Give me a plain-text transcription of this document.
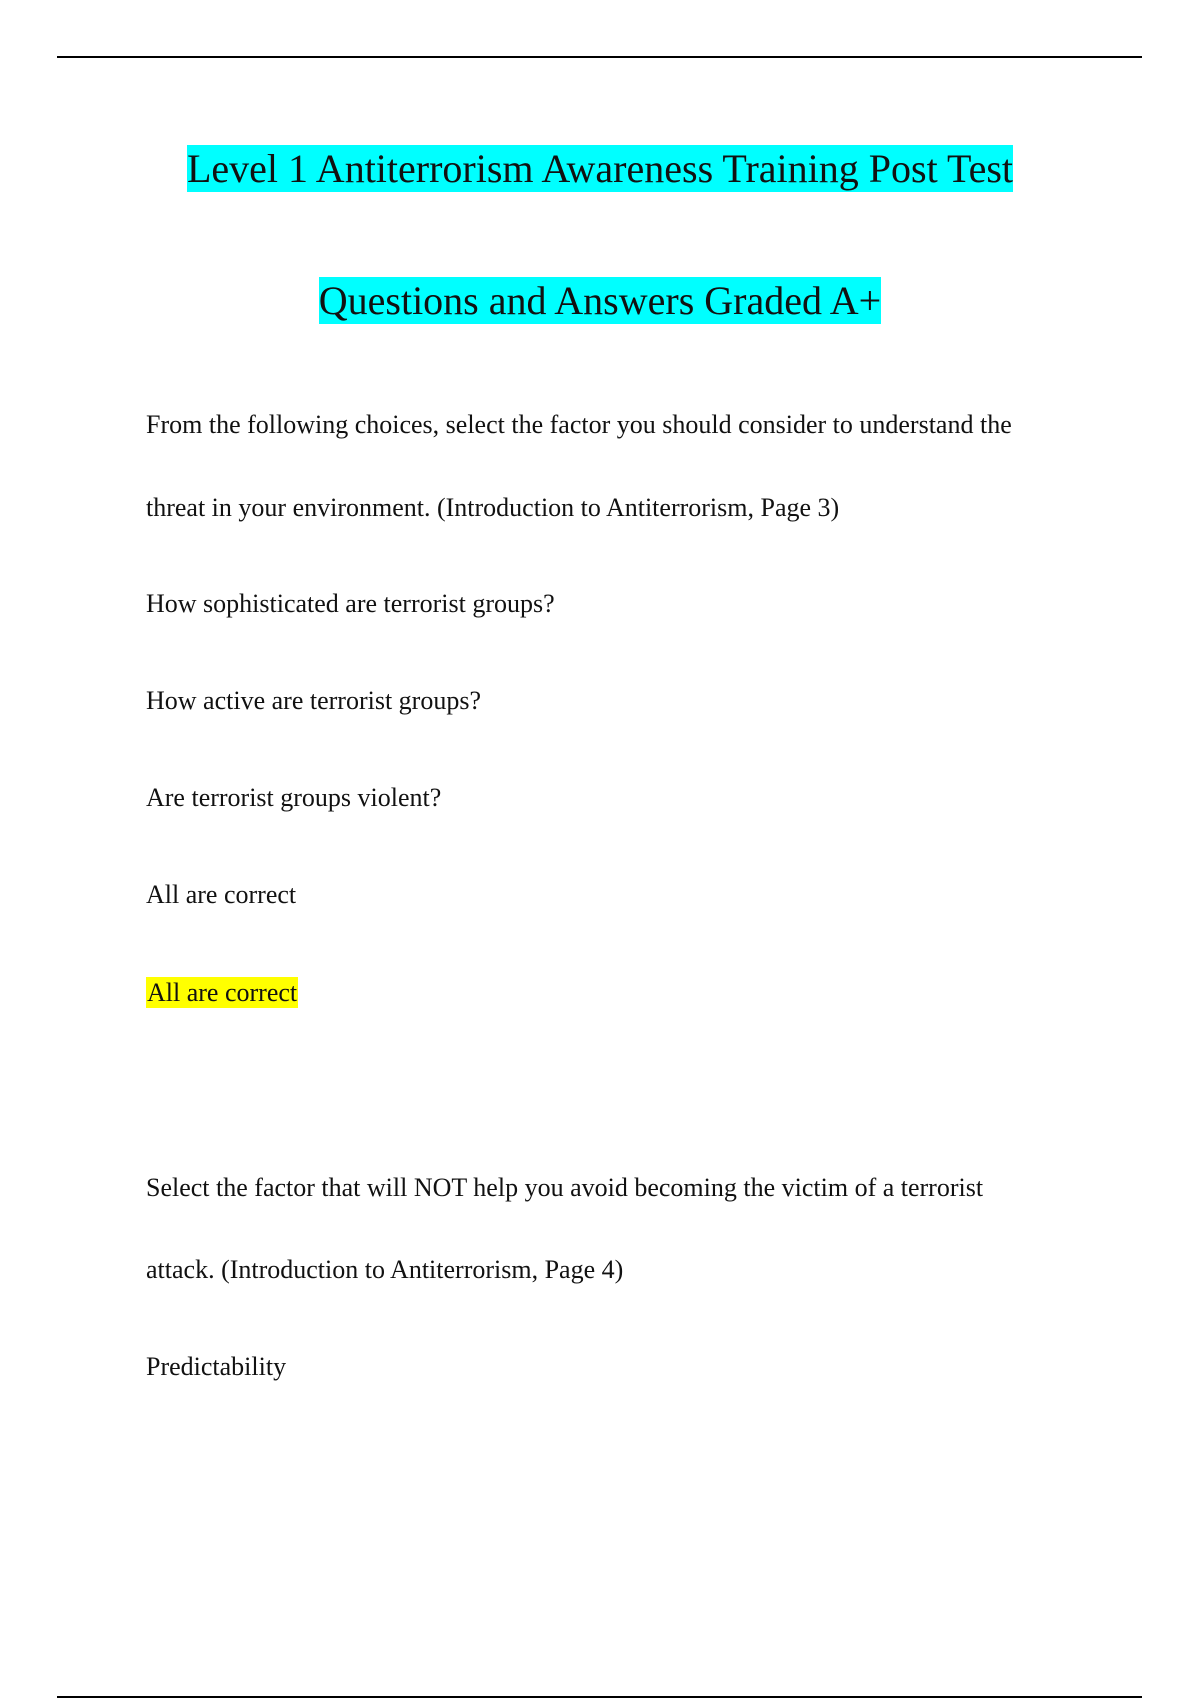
Level 1 Antiterrorism Awareness Training Post Test
Questions and Answers Graded A+
From the following choices, select the factor you should consider to understand the
threat in your environment. (Introduction to Antiterrorism, Page 3)
How sophisticated are terrorist groups?
How active are terrorist groups?
Are terrorist groups violent?
All are correct
All are correct
Select the factor that will NOT help you avoid becoming the victim of a terrorist
attack. (Introduction to Antiterrorism, Page 4)
Predictability
